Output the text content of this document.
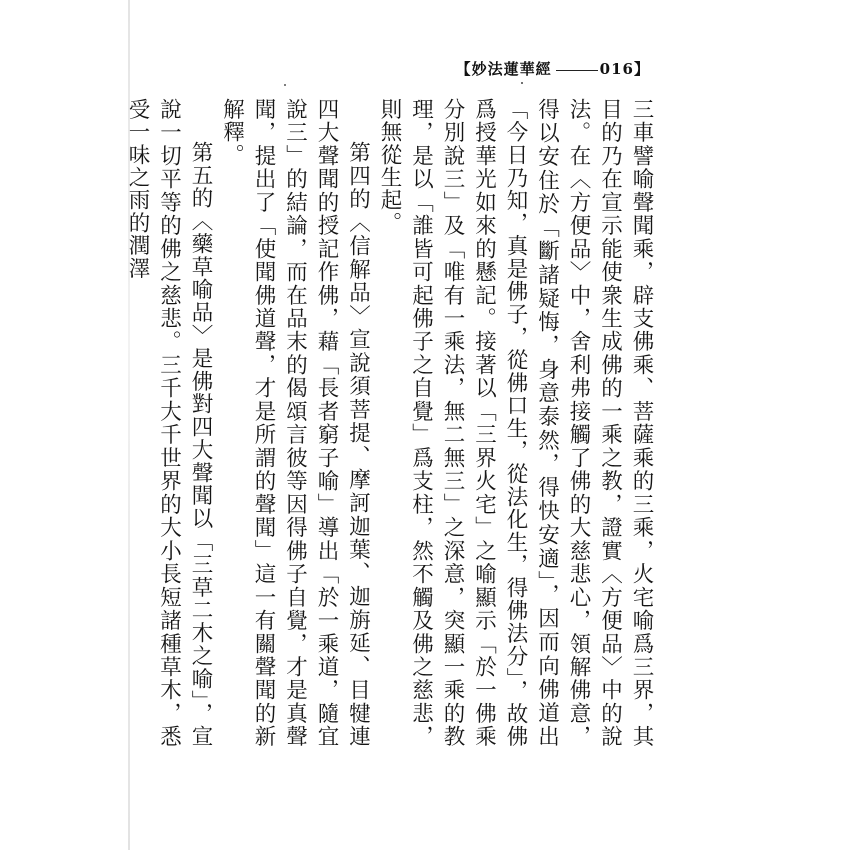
【妙法蓮華經	016】

三車譬喻聲聞乘，辟支佛乘、菩薩乘的三乘，火宅喻爲三界，其目的乃在宣示能使衆生成佛的一乘之教，證實〈方便品〉中的說法。在〈方便品〉中，舍利弗接觸了佛的大慈悲心，領解佛意，得以安住於「斷諸疑悔，身意泰然，得快安適」，因而向佛道出「今日乃知，真是佛子，從佛口生，從法化生，得佛法分」，故佛爲授華光如來的懸記。接著以「三界火宅」之喻顯示「於一佛乘分別說三」及「唯有一乘法，無二無三」之深意，突顯一乘的教理，是以「誰皆可起佛子之自覺」爲支柱，然不觸及佛之慈悲，則無從生起。

第四的〈信解品〉宣說須菩提、摩訶迦葉、迦旃延、目犍連四大聲聞的授記作佛，藉「長者窮子喻」導出「於一乘道，隨宜說三」的結論，而在品末的偈頌言彼等因得佛子自覺，才是真聲聞，提出了「使聞佛道聲，才是所謂的聲聞」這一有關聲聞的新解釋。

第五的〈藥草喻品〉是佛對四大聲聞以「三草二木之喻」，宣說一切平等的佛之慈悲。三千大千世界的大小長短諸種草木，悉受一味之雨的潤澤
